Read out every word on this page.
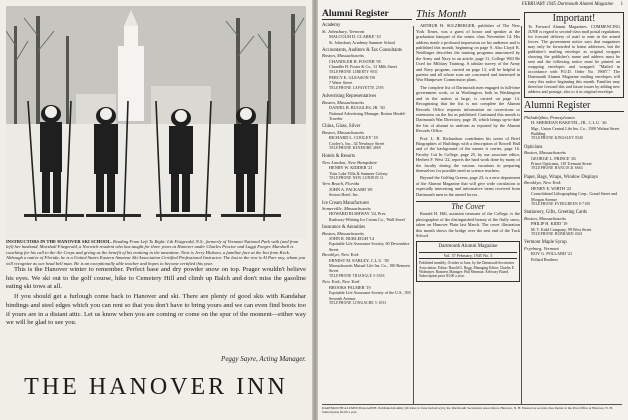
INSTRUCTORS IN THE HANOVER SKI SCHOOL. Reading From Left To Right: Lib Fitzgerald, N.S., formerly of Vermont National Park with (and from left) her husband, Marshall Fitzgerald, a Norwich resident who has taught for three years at Hanover under Charles Proctor and Luggi Foeger. Marshall is coaching for his call to the Air Corps and giving us the benefit of his training in the meantime. Next is Jerry Hickson, a familiar face at the Inn from Keck. Although a native of Florida, he is a United States Eastern Amateur Ski Association Certified Professional Instructor. The last in the row is Al Parr ony, whom you will recognize as our head bell man. He is an exceptionally able teacher and hopes to become certified this year.

This is the Hanover winter to remember. Perfect base and dry powder snow on top. Prager wouldn't believe his eyes. We ski out to the golf course, hike to Cemetery Hill and climb up Balch and don't miss the gasoline eating ski tows at all.

If you should get a furlough come back to Hanover and ski. There are plenty of good skis with Kandahar bindings and steel edges which you can rent so that you don't have to bring yours and we can even find boots too if yours are in a distant attic. Let us know when you are coming or come on the spur of the moment—either way we will be glad to see you.

Peggy Sayre, Acting Manager.
THE HANOVER INN
FEBRUARY 1945 Dartmouth Alumni Magazine 1
Alumni Register
Academy
St. Johnsbury, Vermont
MALCOLM D. CLARKE '10
St. Johnsbury Academy Summer School
Accountants, Auditors & Tax Consultants
Boston, Massachusetts
CHANDLER H. FOSTER '05
Chandler H. Foster & Co., 31 Milk Street
TELEPHONE LIBERTY 9031
PERCY E. GLEASON '08
7 Water Street
TELEPHONE LAFAYETTE 2595
Advertising Representatives
Boston, Massachusetts
DANIEL B. RUGGLES, JR. '30
National Advertising Manager, Boston Herald-Traveler
China, Glass, Silver
Boston, Massachusetts
RICHARD L. COOLEY '18
Cooley's, Inc., 34 Newbury Street
TELEPHONE KENMORE 4869
Hotels & Resorts
New London, New Hampshire
HENRY W. KIDDER '21
Twin Lake Villa & Summer Colony
TELEPHONE NEW LONDON 11
Vero Beach, Florida
JOHN A. PACKARD '09
Sexton Hotel, Inc.
Ice Cream Manufacturer
Somerville, Massachusetts
HOWARD RUSHWAY '24, Pres.
Rushway-Whiting Ice Cream Co., 'Wall Street'
Insurance & Annuities
Boston, Massachusetts
JOHN R. BURLEIGH '14
Equitable Life Assurance Society, 60 Devonshire Street
Brooklyn, New York
ERNEST M. EARLEY, C.L.U. '38
Massachusetts Mutual Life Ins. Co., 180 Remsen Street
TELEPHONE TRIANGLE 5-5303
New York, New York
BROOKS PALMER '19
Equitable Life Assurance Society of the U.S., 393 Seventh Avenue
TELEPHONE LONGACRE 5-1033
This Month

ARTHUR H. SULZBERGER, publisher of The New York Times, was a guest of honor and speaker at the graduation banquet of the senior class November 14. His address made a profound impression on his audience and is published this month, beginning on page 9. Also Lloyd K. Neidlinger describes the training programs announced by the Army and Navy in an article, page 11, College Will Be Used for Military Training. A tabular survey of the Army and Navy program, carried on page 13, will be helpful to parents and all whose sons are concerned and interested in War Manpower Commission plans.

The complete list of Dartmouth men engaged in full-time government work, or in Washington, both in Washington and in the nation at large, is carried on page 14. Recognizing that the list is not complete the Alumni Records Office requests information on corrections or extensions on the list as published. Continued this month is Dartmouth War Directory, page 18, which brings up-to-date the list of alumni in uniform as reported by the Alumni Records Office.

Prof. L. B. Richardson contributes his series of Brief Biographies of Buildings with a description of Rowell Hall and of the background of the names it carries, page 16. Faculty Cut In College, page 25, by our associate editor, Herbert F. West '22, reports the hard work done by many of the faculty during the various vacations in preparing themselves for possible need as science teachers.

Beyond the Golfing Greens, page 23, is a new department of the Alumni Magazine that will give wide circulation to especially interesting and informative items received from Dartmouth men in the armed forces.

The Cover

Ronald H. Hill, assistant treasurer of the College, is the photographer of the distinguished beauty of the fluffy snow, taken on Hanover Plain last March. The cover illustration this month shows the bridge over the east end of the Tuck School.

Dartmouth Alumni Magazine
Vol. 37 February, 1945 No. 5
Published monthly, October to June, by the Dartmouth Secretaries Association. Editor: Harold G. Rugg. Managing Editor: Charles E. Widmayer. Business Manager: Phil Sherman. Advisory Board. Subscription price $3.00 a year.
Important!

To Forward Alumni Magazines. COMMENCING JUNE is regard to second-class mail postal regulations for forward delivery of mail to men in the armed forces. The government notice says that magazines may only be forwarded to home addresses, but the publisher's mailing envelope as original wrapper showing the publisher's name and address must be sent and the following notice must be printed on wrapping envelopes and wrapped: "Mailed in accordance with P.O.D. Order No. 19687." The Dartmouth Alumni Magazine mailing envelopes will carry this notice beginning this month. Families may therefore forward this and future issues by adding new address and postage, also to it as original envelope.

Alumni Register
Philadelphia, Pennsylvania
H. SHERIDAN BAKETEL, JR., C.L.U. '26
Mgr., Union Central Life Ins. Co., 1500 Walnut Street Building
TELEPHONE KINGSLEY 8340
Opticians
Boston, Massachusetts
GEORGE L. PRINCE '26
Prince Opticians, 110 Tremont Street
TELEPHONE HANCOCK 6663
Paper, Bags, Wraps, Window Displays
Brooklyn, New York
HENRY E. WIRTH '22
Consolidated Lithographing Corp., Grand Street and Morgan Avenue
TELEPHONE EVERGREEN 8-7100
Stationery, Gifts, Greeting Cards
Boston, Massachusetts
PHILIP H. KIDD '19
M. T. Kidd Company, 99 West Street
TELEPHONE HUBBARD 4041
Vermont Maple Syrup
Fryeburg, Vermont
ROY G. POLLARD '21
Pollard Brothers
DARTMOUTH ALUMNI MAGAZINE. Published monthly (October to June inclusive) by the Dartmouth Secretaries Association, Hanover, N. H. Entered as second-class matter at the Post Office at Hanover, N. H. Subscription $3.00 a year.
